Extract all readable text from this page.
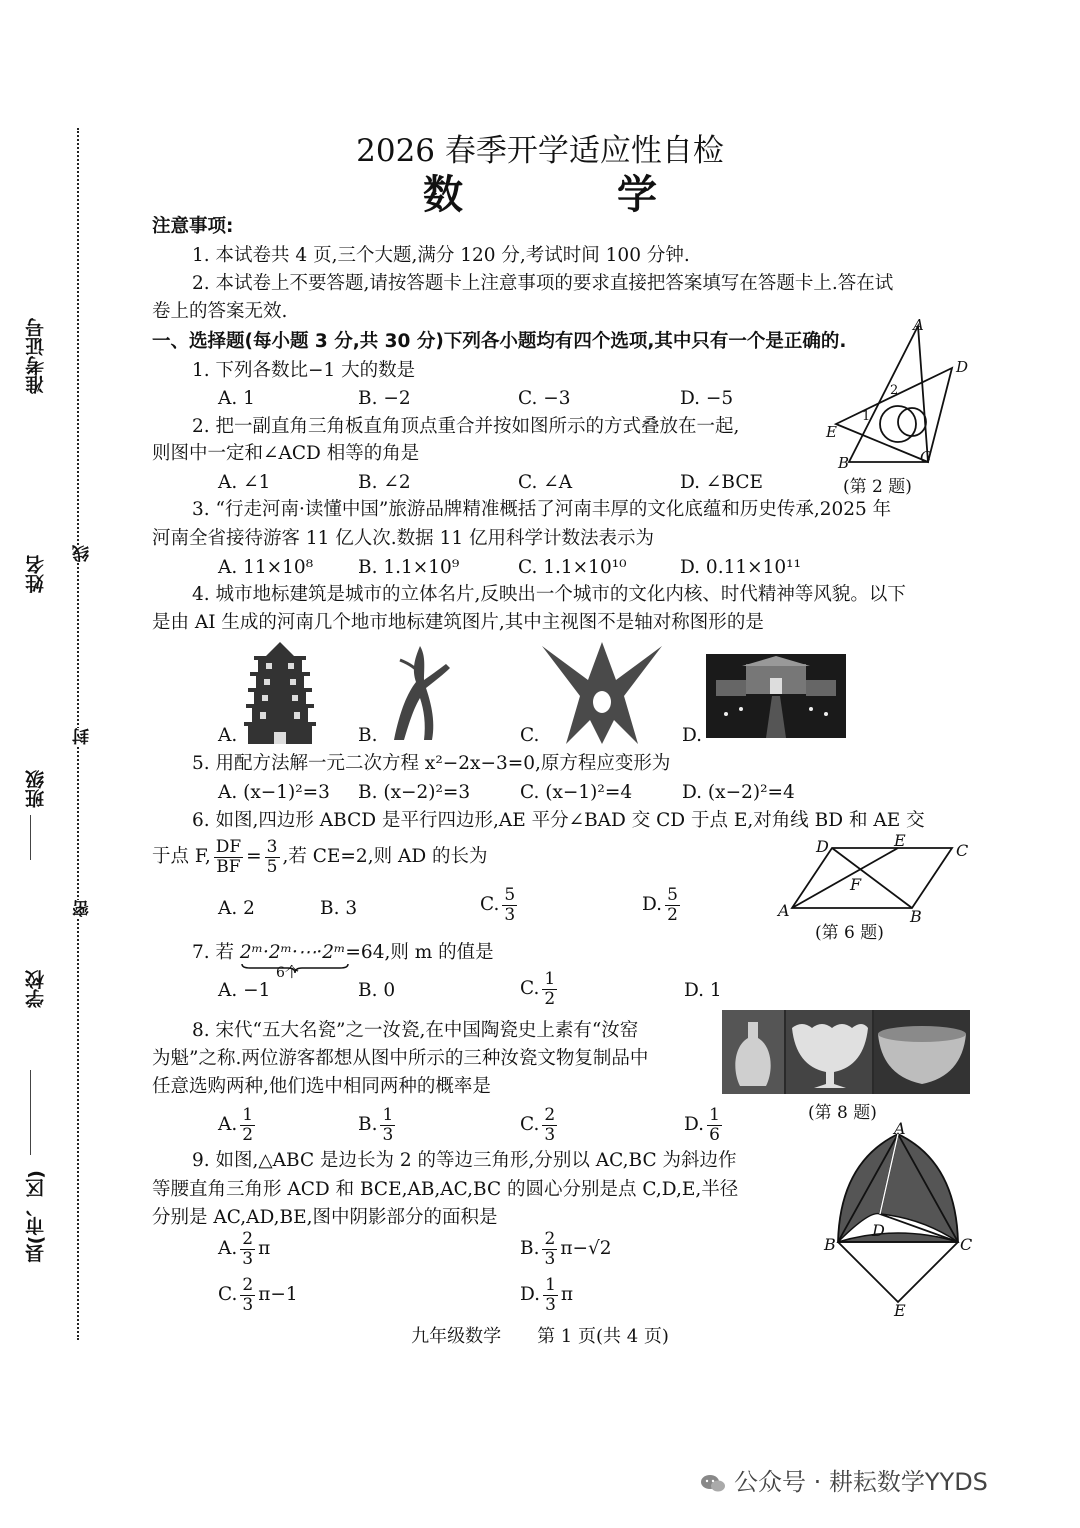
准考证号
姓名
班级
学校
县(市、区)
线
封
密
2026 春季开学适应性自检
数 学
注意事项:
1. 本试卷共 4 页,三个大题,满分 120 分,考试时间 100 分钟.
2. 本试卷上不要答题,请按答题卡上注意事项的要求直接把答案填写在答题卡上.答在试
卷上的答案无效.
一、选择题(每小题 3 分,共 30 分)下列各小题均有四个选项,其中只有一个是正确的.
1. 下列各数比−1 大的数是
A. 1	B. −2	C. −3	D. −5
2. 把一副直角三角板直角顶点重合并按如图所示的方式叠放在一起,
则图中一定和∠ACD 相等的角是
A. ∠1	B. ∠2	C. ∠A	D. ∠BCE
A
D
E
B	C
1
2
(第 2 题)
3. “行走河南·读懂中国”旅游品牌精准概括了河南丰厚的文化底蕴和历史传承,2025 年
河南全省接待游客 11 亿人次.数据 11 亿用科学计数法表示为
A. 11×10⁸ B. 1.1×10⁹	C. 1.1×10¹⁰	D. 0.11×10¹¹
4. 城市地标建筑是城市的立体名片,反映出一个城市的文化内核、时代精神等风貌。以下
是由 AI 生成的河南几个地市地标建筑图片,其中主视图不是轴对称图形的是
A.	B.	C.	D.
5. 用配方法解一元二次方程 x²−2x−3=0,原方程应变形为
A. (x−1)²=3 B. (x−2)²=3	C. (x−1)²=4	D. (x−2)²=4
6. 如图,四边形 ABCD 是平行四边形,AE 平分∠BAD 交 CD 于点 E,对角线 BD 和 AE 交
于点 F, $\frac{DF}{BF} = \frac{3}{5}$ ,若 CE=2,则 AD 的长为
A. 2	B. 3	C. $\frac{5}{3}$	D. $\frac{5}{2}$	A	B
C
D	E
F
(第 6 题)
7. 若 2ᵐ·2ᵐ·⋯·2ᵐ=64,则 m 的值是
6个
A. −1	B. 0	C. $\frac{1}{2}$	D. 1
8. 宋代“五大名瓷”之一汝瓷,在中国陶瓷史上素有“汝窑
为魁”之称.两位游客都想从图中所示的三种汝瓷文物复制品中
任意选购两种,他们选中相同两种的概率是
A. $\frac{1}{2}$	B. $\frac{1}{3}$	C. $\frac{2}{3}$	D. $\frac{1}{6}$	(第 8 题)
9. 如图,△ABC 是边长为 2 的等边三角形,分别以 AC,BC 为斜边作
等腰直角三角形 ACD 和 BCE,AB,AC,BC 的圆心分别是点 C,D,E,半径
分别是 AC,AD,BE,图中阴影部分的面积是
A. $\frac{2}{3}$ π	B. $\frac{2}{3} \pi-√2$
C. $\frac{2}{3} \pi-1$	D. $\frac{1}{3}$ π
A
B	C
D
E
九年级数学　　第 1 页(共 4 页)
公众号 · 耕耘数学YYDS
